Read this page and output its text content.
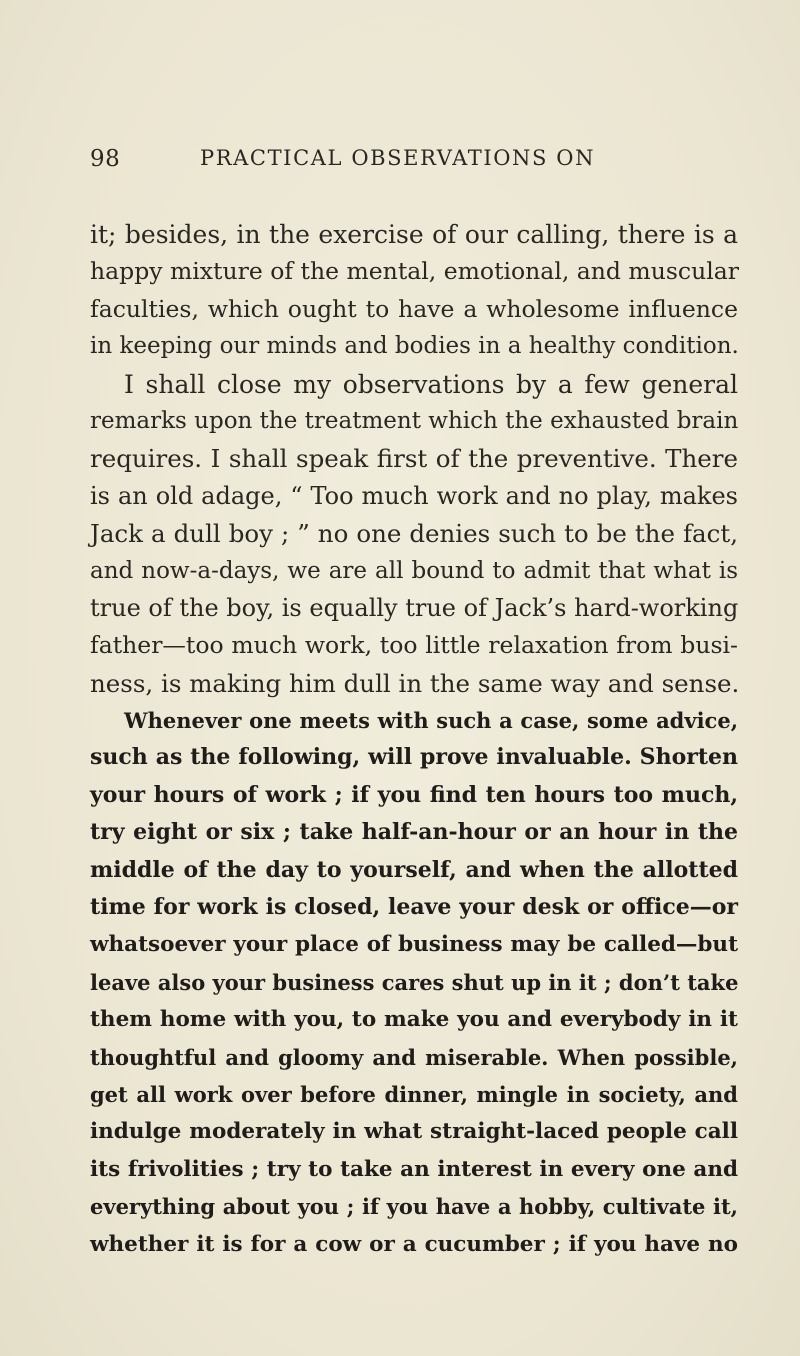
98	PRACTICAL OBSERVATIONS ON
it; besides, in the exercise of our calling, there is a
happy mixture of the mental, emotional, and muscular
faculties, which ought to have a wholesome influence
in keeping our minds and bodies in a healthy condition.
I shall close my observations by a few general
remarks upon the treatment which the exhausted brain
requires. I shall speak first of the preventive. There
is an old adage, “ Too much work and no play, makes
Jack a dull boy ; ” no one denies such to be the fact,
and now-a-days, we are all bound to admit that what is
true of the boy, is equally true of Jack’s hard-working
father—too much work, too little relaxation from busi-
ness, is making him dull in the same way and sense.
Whenever one meets with such a case, some advice,
such as the following, will prove invaluable. Shorten
your hours of work ; if you find ten hours too much,
try eight or six ; take half-an-hour or an hour in the
middle of the day to yourself, and when the allotted
time for work is closed, leave your desk or office—or
whatsoever your place of business may be called—but
leave also your business cares shut up in it ; don’t take
them home with you, to make you and everybody in it
thoughtful and gloomy and miserable. When possible,
get all work over before dinner, mingle in society, and
indulge moderately in what straight-laced people call
its frivolities ; try to take an interest in every one and
everything about you ; if you have a hobby, cultivate it,
whether it is for a cow or a cucumber ; if you have no
